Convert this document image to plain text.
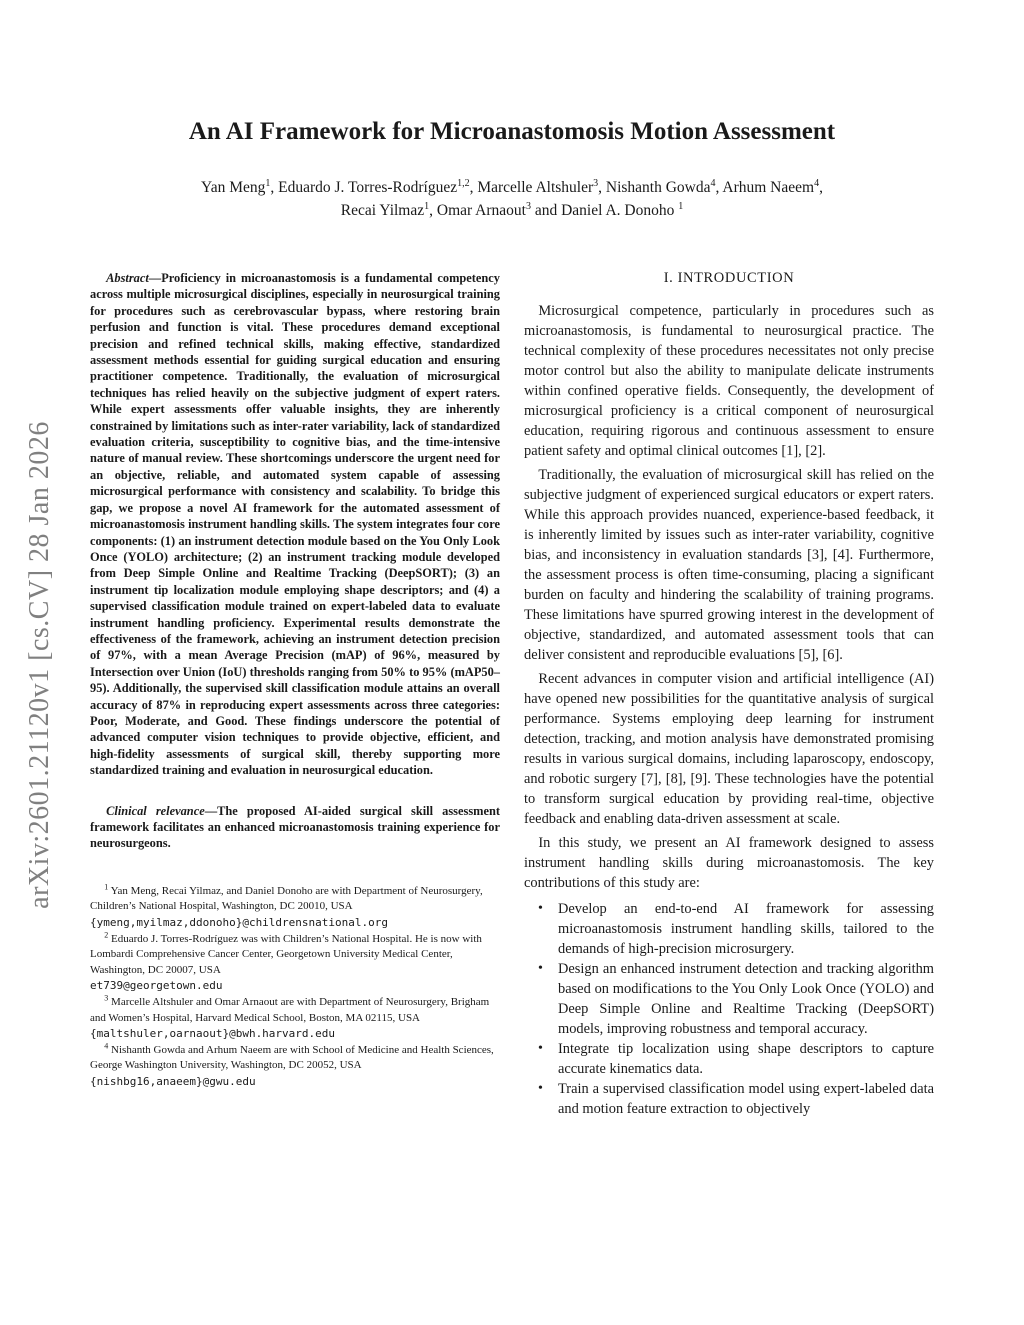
arXiv:2601.21120v1 [cs.CV] 28 Jan 2026
An AI Framework for Microanastomosis Motion Assessment
Yan Meng$^1$, Eduardo J. Torres-Rodríguez$^{1,2}$, Marcelle Altshuler$^3$, Nishanth Gowda$^4$, Arhum Naeem$^4$,
Recai Yilmaz$^1$, Omar Arnaout$^3$ and Daniel A. Donoho $^1$

Abstract—Proficiency in microanastomosis is a fundamental competency across multiple microsurgical disciplines, especially in neurosurgical training for procedures such as cerebrovascular bypass, where restoring brain perfusion and function is vital. These procedures demand exceptional precision and refined technical skills, making effective, standardized assessment methods essential for guiding surgical education and ensuring practitioner competence. Traditionally, the evaluation of microsurgical techniques has relied heavily on the subjective judgment of expert raters. While expert assessments offer valuable insights, they are inherently constrained by limitations such as inter-rater variability, lack of standardized evaluation criteria, susceptibility to cognitive bias, and the time-intensive nature of manual review. These shortcomings underscore the urgent need for an objective, reliable, and automated system capable of assessing microsurgical performance with consistency and scalability. To bridge this gap, we propose a novel AI framework for the automated assessment of microanastomosis instrument handling skills. The system integrates four core components: (1) an instrument detection module based on the You Only Look Once (YOLO) architecture; (2) an instrument tracking module developed from Deep Simple Online and Realtime Tracking (DeepSORT); (3) an instrument tip localization module employing shape descriptors; and (4) a supervised classification module trained on expert-labeled data to evaluate instrument handling proficiency. Experimental results demonstrate the effectiveness of the framework, achieving an instrument detection precision of 97%, with a mean Average Precision (mAP) of 96%, measured by Intersection over Union (IoU) thresholds ranging from 50% to 95% (mAP50–95). Additionally, the supervised skill classification module attains an overall accuracy of 87% in reproducing expert assessments across three categories: Poor, Moderate, and Good. These findings underscore the potential of advanced computer vision techniques to provide objective, efficient, and high-fidelity assessments of surgical skill, thereby supporting more standardized training and evaluation in neurosurgical education.

Clinical relevance—The proposed AI-aided surgical skill assessment framework facilitates an enhanced microanastomosis training experience for neurosurgeons.

$^1$ Yan Meng, Recai Yilmaz, and Daniel Donoho are with Department of Neurosurgery, Children’s National Hospital, Washington, DC 20010, USA
{ymeng,myilmaz,ddonoho}@childrensnational.org

$^2$ Eduardo J. Torres-Rodríguez was with Children’s National Hospital. He is now with Lombardi Comprehensive Cancer Center, Georgetown University Medical Center, Washington, DC 20007, USA
et739@georgetown.edu

$^3$ Marcelle Altshuler and Omar Arnaout are with Department of Neurosurgery, Brigham and Women’s Hospital, Harvard Medical School, Boston, MA 02115, USA
{maltshuler,oarnaout}@bwh.harvard.edu

$^4$ Nishanth Gowda and Arhum Naeem are with School of Medicine and Health Sciences, George Washington University, Washington, DC 20052, USA {nishbg16,anaeem}@gwu.edu

I. INTRODUCTION

Microsurgical competence, particularly in procedures such as microanastomosis, is fundamental to neurosurgical practice. The technical complexity of these procedures necessitates not only precise motor control but also the ability to manipulate delicate instruments within confined operative fields. Consequently, the development of microsurgical proficiency is a critical component of neurosurgical education, requiring rigorous and continuous assessment to ensure patient safety and optimal clinical outcomes [1], [2].

Traditionally, the evaluation of microsurgical skill has relied on the subjective judgment of experienced surgical educators or expert raters. While this approach provides nuanced, experience-based feedback, it is inherently limited by issues such as inter-rater variability, cognitive bias, and inconsistency in evaluation standards [3], [4]. Furthermore, the assessment process is often time-consuming, placing a significant burden on faculty and hindering the scalability of training programs. These limitations have spurred growing interest in the development of objective, standardized, and automated assessment tools that can deliver consistent and reproducible evaluations [5], [6].

Recent advances in computer vision and artificial intelligence (AI) have opened new possibilities for the quantitative analysis of surgical performance. Systems employing deep learning for instrument detection, tracking, and motion analysis have demonstrated promising results in various surgical domains, including laparoscopy, endoscopy, and robotic surgery [7], [8], [9]. These technologies have the potential to transform surgical education by providing real-time, objective feedback and enabling data-driven assessment at scale.

In this study, we present an AI framework designed to assess instrument handling skills during microanastomosis. The key contributions of this study are:

• Develop an end-to-end AI framework for assessing microanastomosis instrument handling skills, tailored to the demands of high-precision microsurgery.
• Design an enhanced instrument detection and tracking algorithm based on modifications to the You Only Look Once (YOLO) and Deep Simple Online and Realtime Tracking (DeepSORT) models, improving robustness and temporal accuracy.
• Integrate tip localization using shape descriptors to capture accurate kinematics data.
• Train a supervised classification model using expert-labeled data and motion feature extraction to objectively
